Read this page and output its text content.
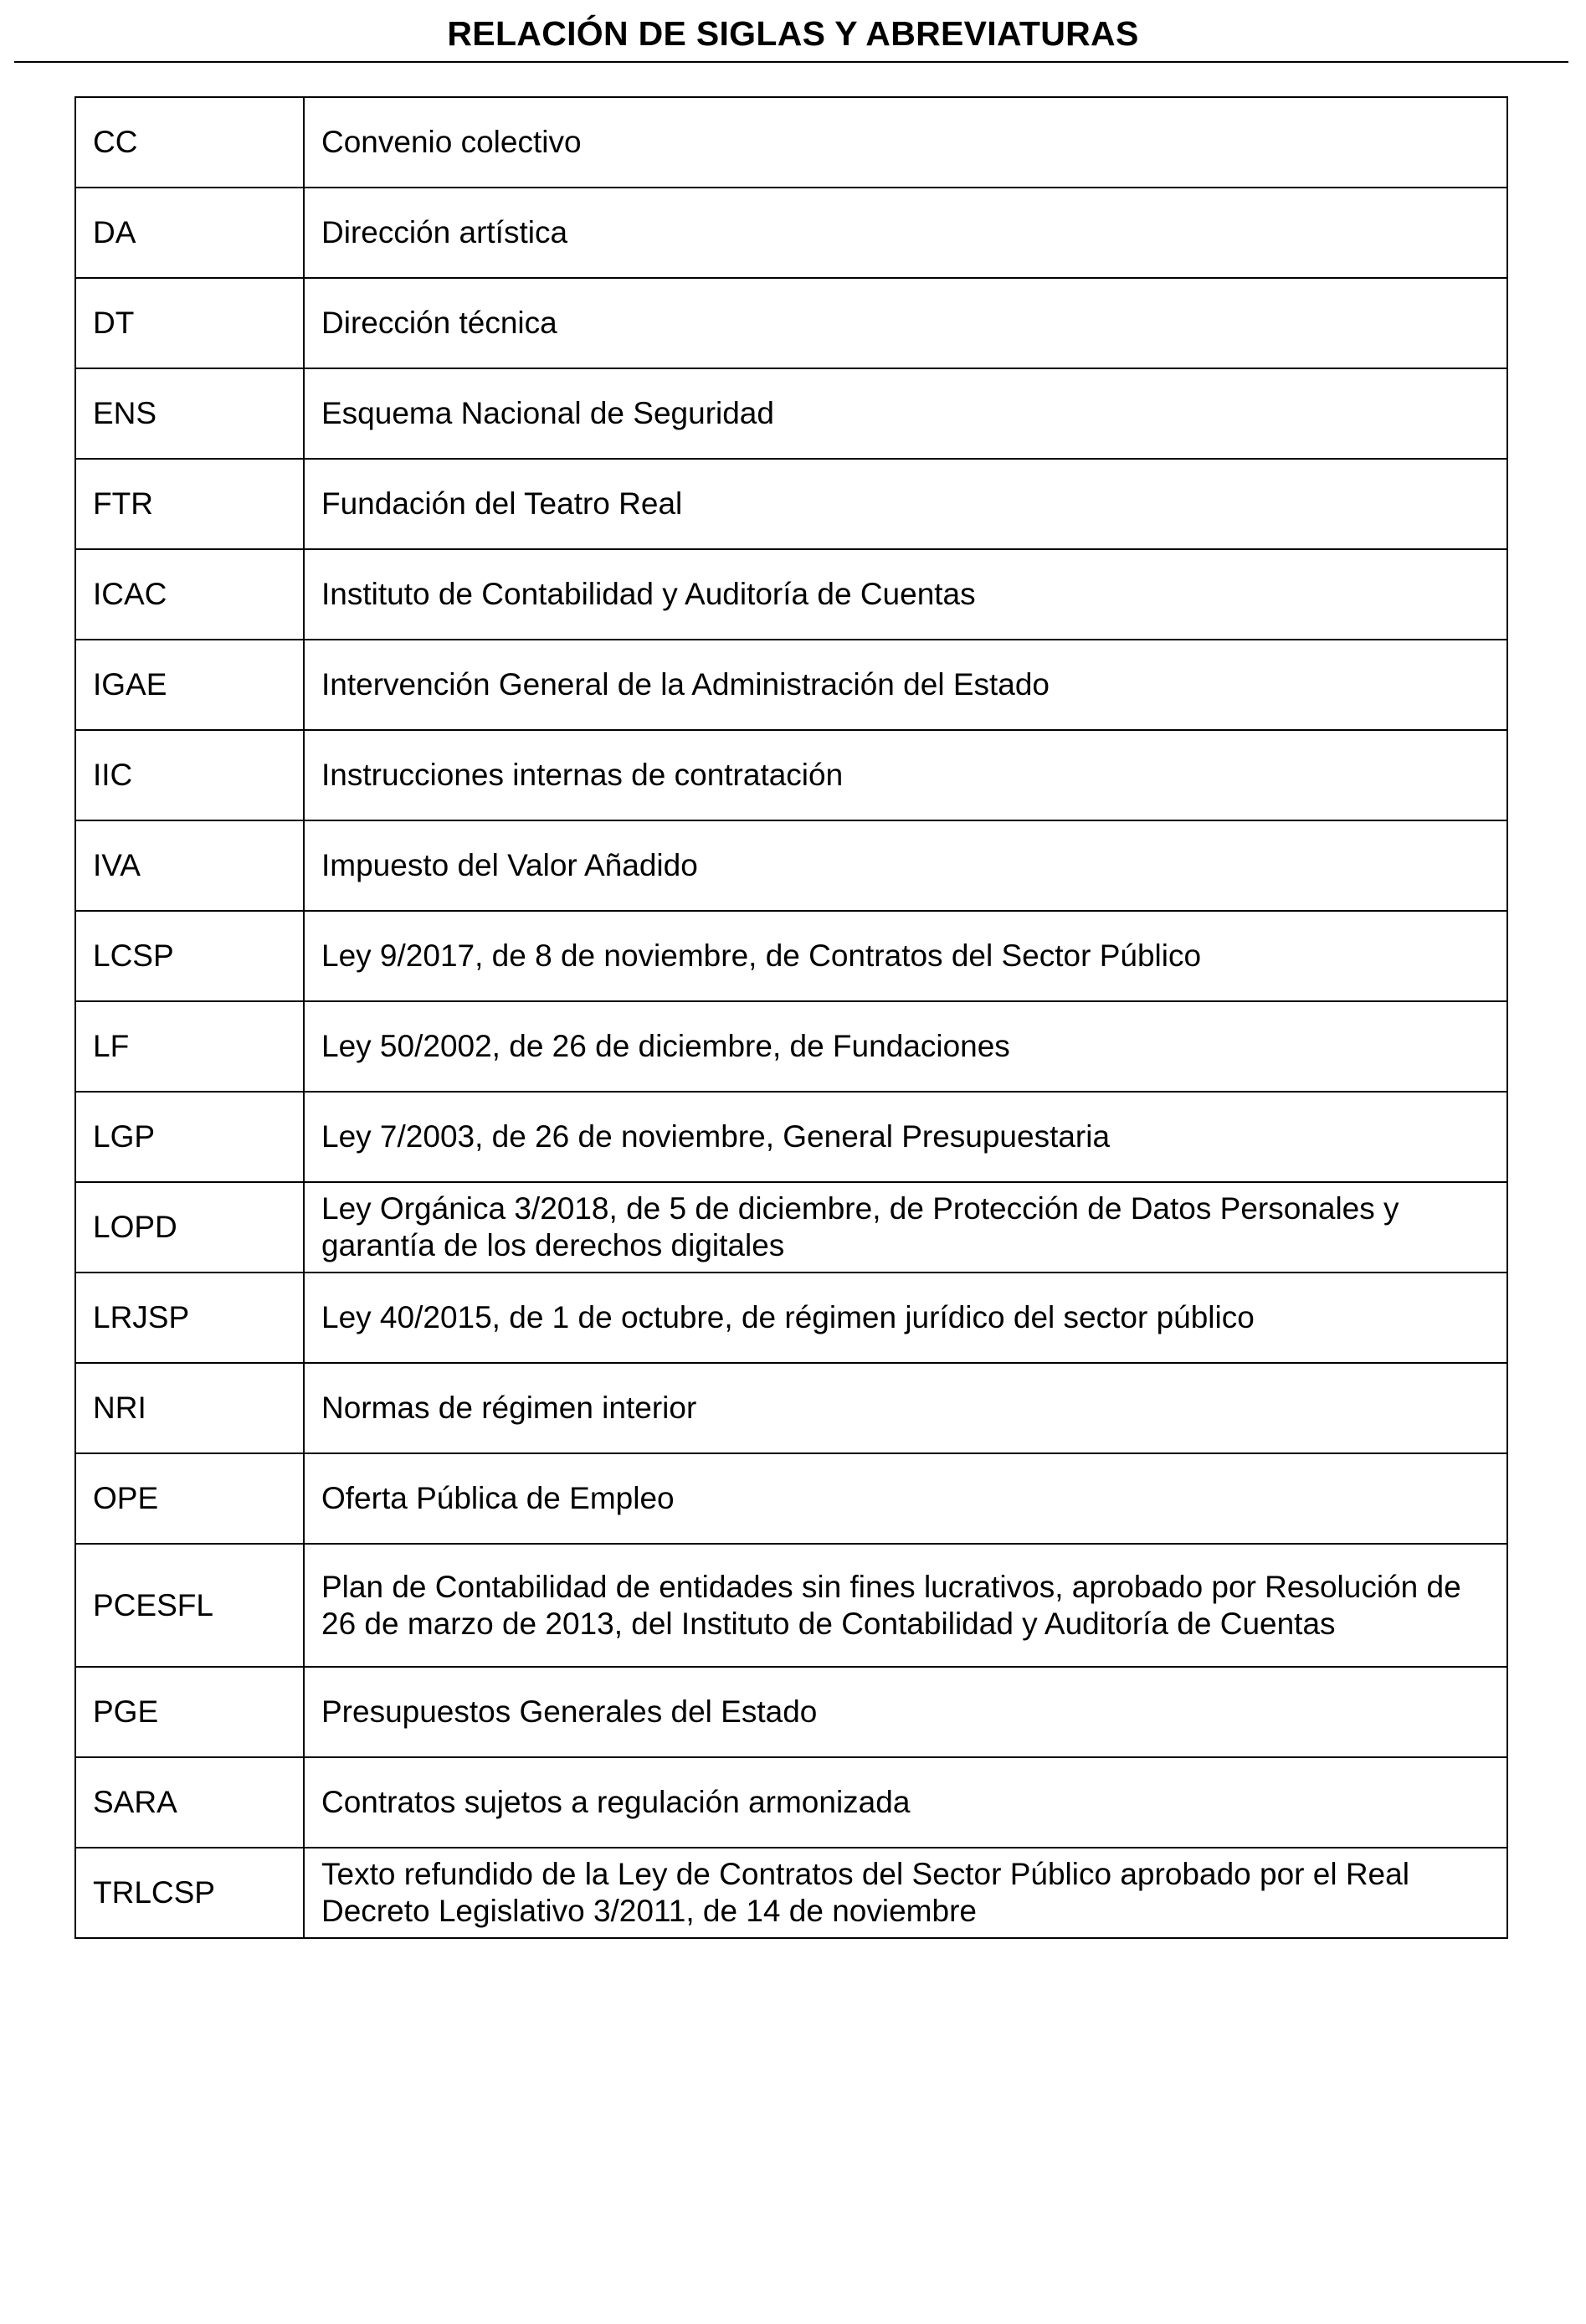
RELACIÓN DE SIGLAS Y ABREVIATURAS
CC	Convenio colectivo
DA	Dirección artística
DT	Dirección técnica
ENS	Esquema Nacional de Seguridad
FTR	Fundación del Teatro Real
ICAC	Instituto de Contabilidad y Auditoría de Cuentas
IGAE	Intervención General de la Administración del Estado
IIC	Instrucciones internas de contratación
IVA	Impuesto del Valor Añadido
LCSP	Ley 9/2017, de 8 de noviembre, de Contratos del Sector Público
LF	Ley 50/2002, de 26 de diciembre, de Fundaciones
LGP	Ley 7/2003, de 26 de noviembre, General Presupuestaria
LOPD	Ley Orgánica 3/2018, de 5 de diciembre, de Protección de Datos Personales y garantía de los derechos digitales
LRJSP	Ley 40/2015, de 1 de octubre, de régimen jurídico del sector público
NRI	Normas de régimen interior
OPE	Oferta Pública de Empleo
PCESFL	Plan de Contabilidad de entidades sin fines lucrativos, aprobado por Resolución de 26 de marzo de 2013, del Instituto de Contabilidad y Auditoría de Cuentas
PGE	Presupuestos Generales del Estado
SARA	Contratos sujetos a regulación armonizada
TRLCSP	Texto refundido de la Ley de Contratos del Sector Público aprobado por el Real Decreto Legislativo 3/2011, de 14 de noviembre
